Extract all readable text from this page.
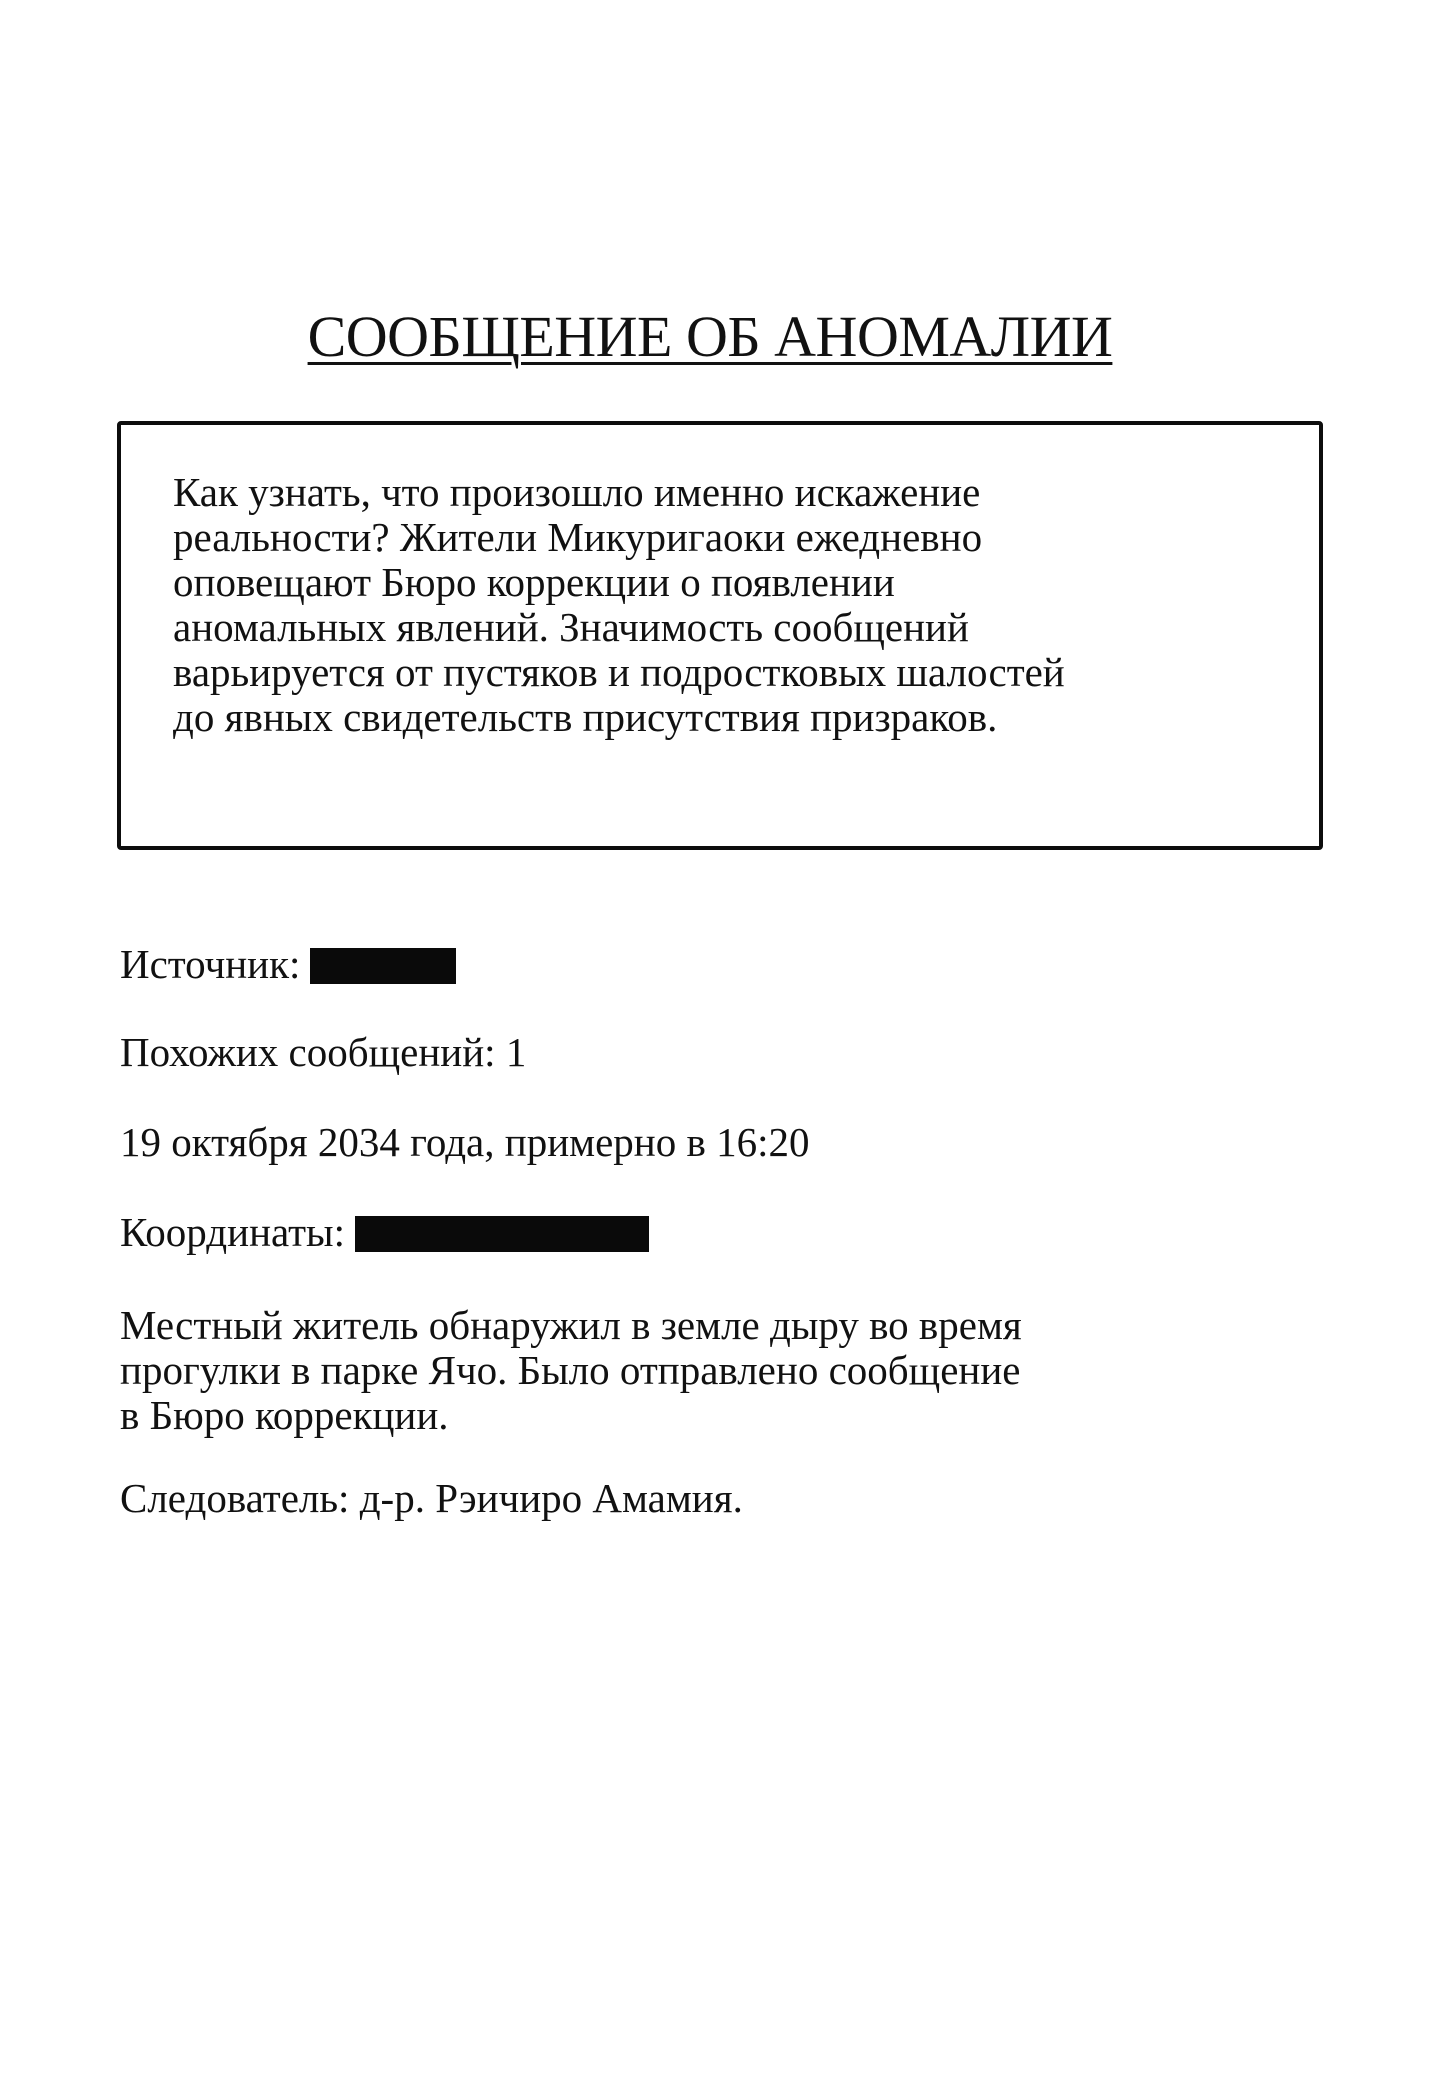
СООБЩЕНИЕ ОБ АНОМАЛИИ
Как узнать, что произошло именно искажение
реальности? Жители Микуригаоки ежедневно
оповещают Бюро коррекции о появлении
аномальных явлений. Значимость сообщений
варьируется от пустяков и подростковых шалостей
до явных свидетельств присутствия призраков.
Источник:
Похожих сообщений: 1
19 октября 2034 года, примерно в 16:20
Координаты:
Местный житель обнаружил в земле дыру во время
прогулки в парке Ячо. Было отправлено сообщение
в Бюро коррекции.
Следователь: д-р. Рэичиро Амамия.
